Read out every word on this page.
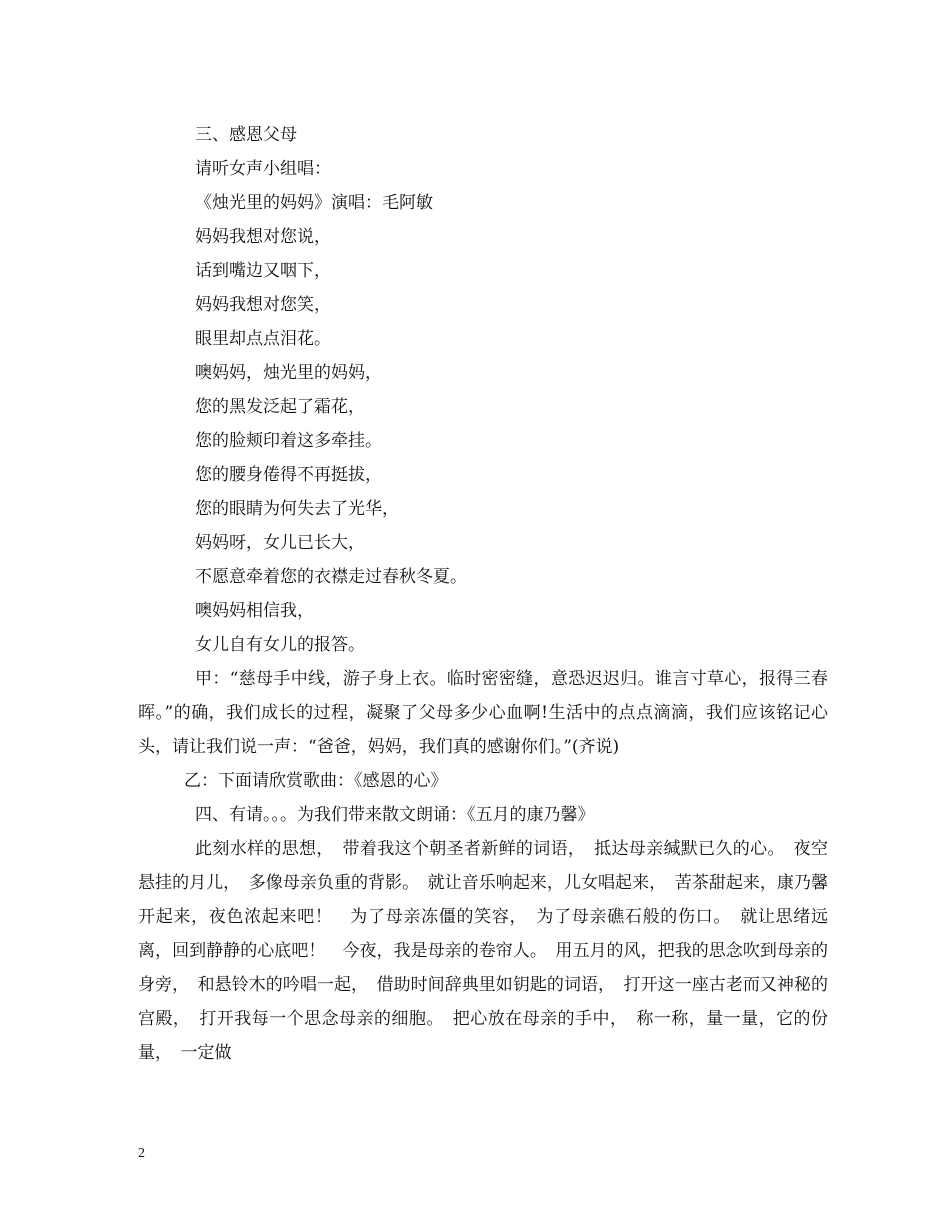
三、感恩父母

请听女声小组唱：

《烛光里的妈妈》演唱：毛阿敏

妈妈我想对您说，

话到嘴边又咽下，

妈妈我想对您笑，

眼里却点点泪花。

噢妈妈，烛光里的妈妈，

您的黑发泛起了霜花，

您的脸颊印着这多牵挂。

您的腰身倦得不再挺拔，

您的眼睛为何失去了光华，

妈妈呀，女儿已长大，

不愿意牵着您的衣襟走过春秋冬夏。

噢妈妈相信我，

女儿自有女儿的报答。

甲：“慈母手中线，游子身上衣。临时密密缝，意恐迟迟归。谁言寸草心，报得三春晖。”的确，我们成长的过程，凝聚了父母多少心血啊!生活中的点点滴滴，我们应该铭记心头，请让我们说一声：“爸爸，妈妈，我们真的感谢你们。”(齐说)

乙：下面请欣赏歌曲：《感恩的心》

四、有请。。。为我们带来散文朗诵：《五月的康乃馨》

此刻水样的思想，　带着我这个朝圣者新鲜的词语，　抵达母亲缄默已久的心。　夜空悬挂的月儿，　多像母亲负重的背影。　就让音乐响起来，儿女唱起来，　苦茶甜起来，康乃馨开起来，夜色浓起来吧！　为了母亲冻僵的笑容，　为了母亲礁石般的伤口。　就让思绪远离，回到静静的心底吧！　今夜，我是母亲的卷帘人。　用五月的风，把我的思念吹到母亲的身旁，　和悬铃木的吟唱一起，　借助时间辞典里如钥匙的词语，　打开这一座古老而又神秘的宫殿，　打开我每一个思念母亲的细胞。　把心放在母亲的手中，　称一称，量一量，它的份量，　一定做

2
